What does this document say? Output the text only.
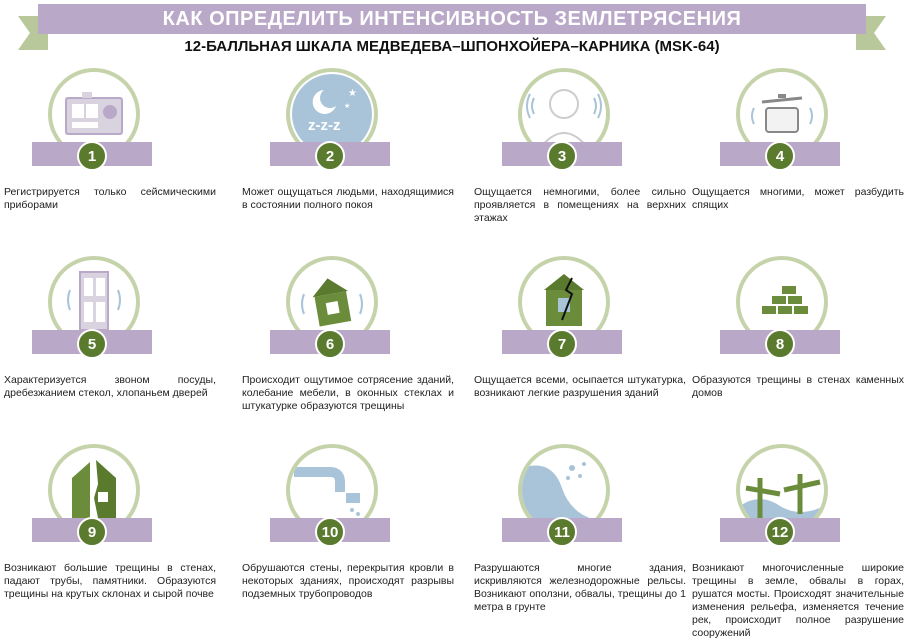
КАК ОПРЕДЕЛИТЬ ИНТЕНСИВНОСТЬ ЗЕМЛЕТРЯСЕНИЯ
12-БАЛЛЬНАЯ ШКАЛА МЕДВЕДЕВА–ШПОНХОЙЕРА–КАРНИКА (MSK-64)
1
Регистрируется только сейсмическими приборами
★
★
z-z-z
2
Может ощущаться людьми, находящимися в состоянии полного покоя
3
Ощущается немногими, более сильно проявляется в помещениях на верхних этажах
4
Ощущается многими, может разбудить спящих
5
Характеризуется звоном посуды, дребезжанием стекол, хлопаньем дверей
6
Происходит ощутимое сотрясение зданий, колебание мебели, в оконных стеклах и штукатурке образуются трещины
7
Ощущается всеми, осыпается штукатурка, возникают легкие разрушения зданий
8
Образуются трещины в стенах каменных домов
9
Возникают большие трещины в стенах, падают трубы, памятники. Образуются трещины на крутых склонах и сырой почве
10
Обрушаются стены, перекрытия кровли в некоторых зданиях, происходят разрывы подземных трубопроводов
11
Разрушаются многие здания, искривляются железнодорожные рельсы. Возникают оползни, обвалы, трещины до 1 метра в грунте
12
Возникают многочисленные широкие трещины в земле, обвалы в горах, рушатся мосты. Происходят значительные изменения рельефа, изменяется течение рек, происходит полное разрушение сооружений
